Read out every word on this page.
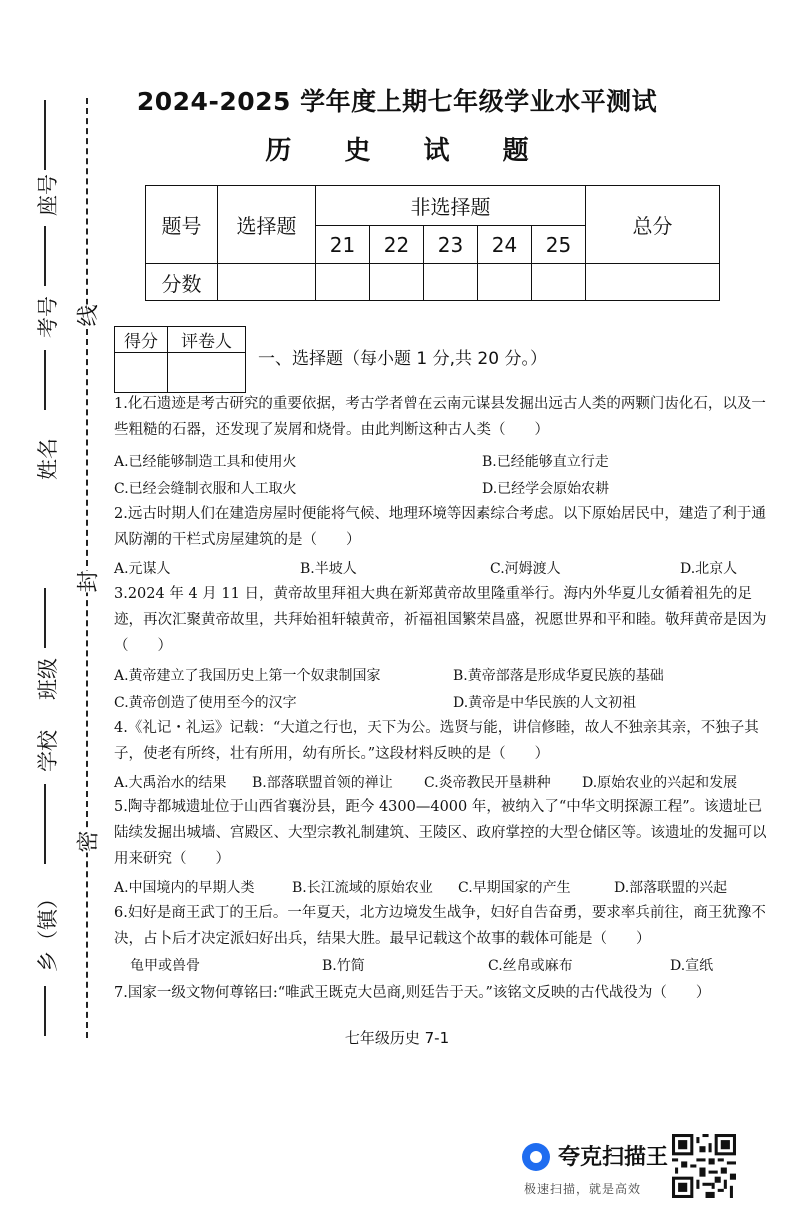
座号
考号
姓名
班级
学校
乡（镇）
线
封
密
2024-2025 学年度上期七年级学业水平测试
历 史 试 题
题号	选择题	非选择题					总分
		21	22	23	24	25	
分数							
得分	评卷人

一、选择题（每小题 1 分,共 20 分。）
1.化石遗迹是考古研究的重要依据，考古学者曾在云南元谋县发掘出远古人类的两颗门齿化石，以及一些粗糙的石器，还发现了炭屑和烧骨。由此判断这种古人类（　　）
A.已经能够制造工具和使用火	B.已经能够直立行走
C.已经会缝制衣服和人工取火	D.已经学会原始农耕
2.远古时期人们在建造房屋时便能将气候、地理环境等因素综合考虑。以下原始居民中，建造了利于通风防潮的干栏式房屋建筑的是（　　）
A.元谋人	B.半坡人	C.河姆渡人	D.北京人
3.2024 年 4 月 11 日，黄帝故里拜祖大典在新郑黄帝故里隆重举行。海内外华夏儿女循着祖先的足迹，再次汇聚黄帝故里，共拜始祖轩辕黄帝，祈福祖国繁荣昌盛，祝愿世界和平和睦。敬拜黄帝是因为（　　）
A.黄帝建立了我国历史上第一个奴隶制国家	B.黄帝部落是形成华夏民族的基础
C.黄帝创造了使用至今的汉字	D.黄帝是中华民族的人文初祖
4.《礼记・礼运》记载：“大道之行也，天下为公。选贤与能，讲信修睦，故人不独亲其亲，不独子其子，使老有所终，壮有所用，幼有所长。”这段材料反映的是（　　）
A.大禹治水的结果 B.部落联盟首领的禅让 C.炎帝教民开垦耕种 D.原始农业的兴起和发展
5.陶寺都城遗址位于山西省襄汾县，距今 4300—4000 年，被纳入了“中华文明探源工程”。该遗址已陆续发掘出城墙、宫殿区、大型宗教礼制建筑、王陵区、政府掌控的大型仓储区等。该遗址的发掘可以用来研究（　　）
A.中国境内的早期人类	B.长江流域的原始农业 C.早期国家的产生	D.部落联盟的兴起
6.妇好是商王武丁的王后。一年夏天，北方边境发生战争，妇好自告奋勇，要求率兵前往，商王犹豫不决，占卜后才决定派妇好出兵，结果大胜。最早记载这个故事的载体可能是（　　）
龟甲或兽骨	B.竹简	C.丝帛或麻布	D.宣纸
7.国家一级文物何尊铭曰:“唯武王既克大邑商,则廷告于天。”该铭文反映的古代战役为（　　）
七年级历史 7-1
夸克扫描王
极速扫描，就是高效
